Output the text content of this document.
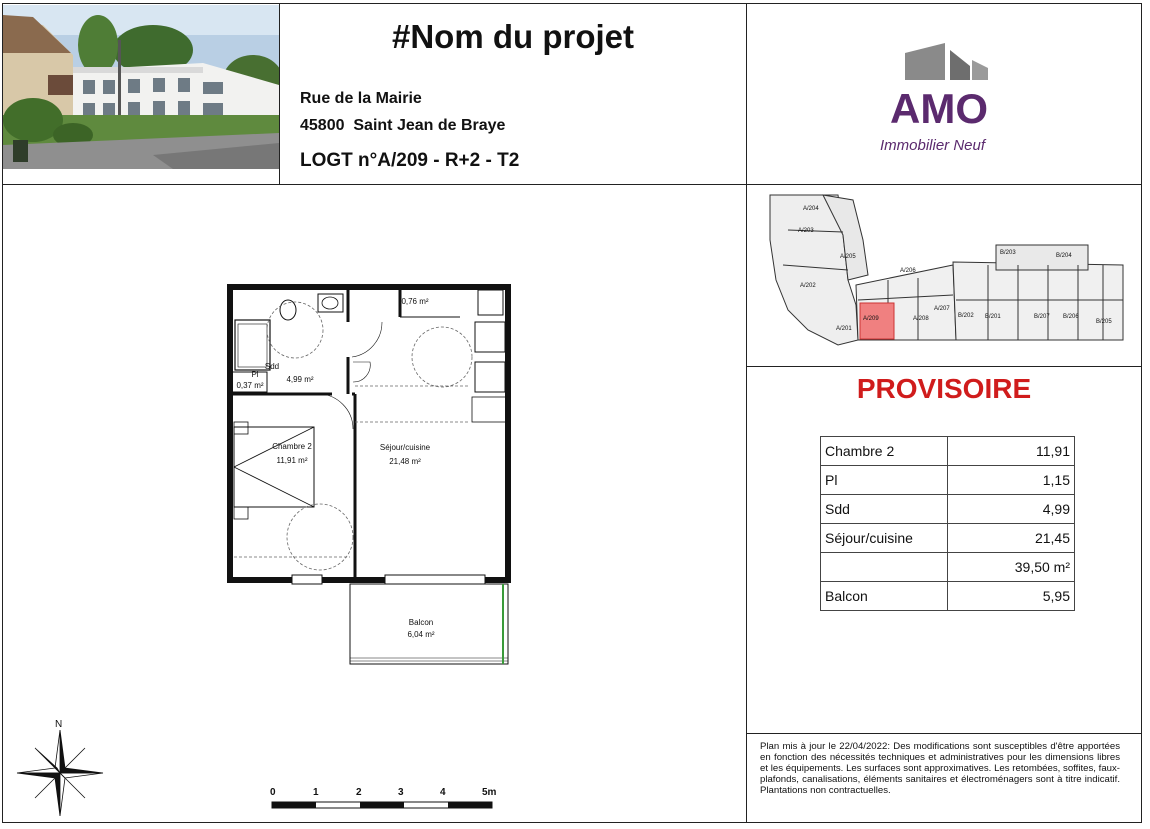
#Nom du projet
Rue de la Mairie
45800  Saint Jean de Braye
LOGT n°A/209 - R+2 - T2
AMO
Immobilier Neuf
A/204
A/203
A/205
A/206
A/202
A/207
A/201
A/209	A/208
B/203	B/204
B/202 B/201	B/207 B/206
B/205
PROVISOIRE
Chambre 2	11,91
Pl	1,15
Sdd	4,99
Séjour/cuisine	21,45
	39,50 m²
Balcon	5,95
Plan mis à jour le 22/04/2022: Des modifications sont susceptibles d'être apportées en fonction des nécessités techniques et administratives pour les dimensions libres et les équipements. Les surfaces sont approximatives. Les retombées, soffites, faux-plafonds, canalisations, éléments sanitaires et électroménagers sont à titre indicatif. Plantations non contractuelles.
Sdd
4,99 m²
Pl
0,37 m²
0,76 m²
Chambre 2
11,91 m²
Séjour/cuisine
21,48 m²
Balcon
6,04 m²
N
0	1	2	3	4	5m
